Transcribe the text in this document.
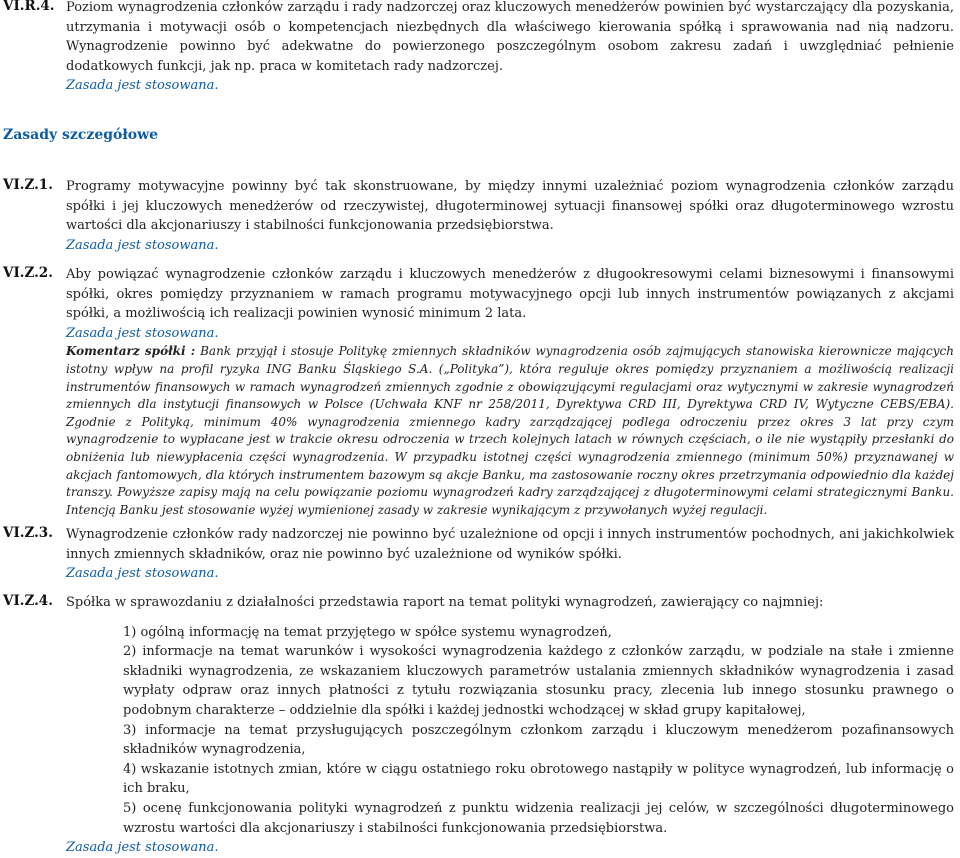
VI.R.4. Poziom wynagrodzenia członków zarządu i rady nadzorczej oraz kluczowych menedżerów powinien być wystarczający dla pozyskania, utrzymania i motywacji osób o kompetencjach niezbędnych dla właściwego kierowania spółką i sprawowania nad nią nadzoru. Wynagrodzenie powinno być adekwatne do powierzonego poszczególnym osobom zakresu zadań i uwzględniać pełnienie dodatkowych funkcji, jak np. praca w komitetach rady nadzorczej.
Zasada jest stosowana.
Zasady szczegółowe
VI.Z.1. Programy motywacyjne powinny być tak skonstruowane, by między innymi uzależniać poziom wynagrodzenia członków zarządu spółki i jej kluczowych menedżerów od rzeczywistej, długoterminowej sytuacji finansowej spółki oraz długoterminowego wzrostu wartości dla akcjonariuszy i stabilności funkcjonowania przedsiębiorstwa.
Zasada jest stosowana.
VI.Z.2. Aby powiązać wynagrodzenie członków zarządu i kluczowych menedżerów z długookresowymi celami biznesowymi i finansowymi spółki, okres pomiędzy przyznaniem w ramach programu motywacyjnego opcji lub innych instrumentów powiązanych z akcjami spółki, a możliwością ich realizacji powinien wynosić minimum 2 lata.
Zasada jest stosowana.
Komentarz spółki : Bank przyjął i stosuje Politykę zmiennych składników wynagrodzenia osób zajmujących stanowiska kierownicze mających istotny wpływ na profil ryzyka ING Banku Śląskiego S.A. („Polityka”), która reguluje okres pomiędzy przyznaniem a możliwością realizacji instrumentów finansowych w ramach wynagrodzeń zmiennych zgodnie z obowiązującymi regulacjami oraz wytycznymi w zakresie wynagrodzeń zmiennych dla instytucji finansowych w Polsce (Uchwała KNF nr 258/2011, Dyrektywa CRD III, Dyrektywa CRD IV, Wytyczne CEBS/EBA). Zgodnie z Polityką, minimum 40% wynagrodzenia zmiennego kadry zarządzającej podlega odroczeniu przez okres 3 lat przy czym wynagrodzenie to wypłacane jest w trakcie okresu odroczenia w trzech kolejnych latach w równych częściach, o ile nie wystąpiły przesłanki do obniżenia lub niewypłacenia części wynagrodzenia. W przypadku istotnej części wynagrodzenia zmiennego (minimum 50%) przyznawanej w akcjach fantomowych, dla których instrumentem bazowym są akcje Banku, ma zastosowanie roczny okres przetrzymania odpowiednio dla każdej transzy. Powyższe zapisy mają na celu powiązanie poziomu wynagrodzeń kadry zarządzającej z długoterminowymi celami strategicznymi Banku. Intencją Banku jest stosowanie wyżej wymienionej zasady w zakresie wynikającym z przywołanych wyżej regulacji.
VI.Z.3. Wynagrodzenie członków rady nadzorczej nie powinno być uzależnione od opcji i innych instrumentów pochodnych, ani jakichkolwiek innych zmiennych składników, oraz nie powinno być uzależnione od wyników spółki.
Zasada jest stosowana.
VI.Z.4. Spółka w sprawozdaniu z działalności przedstawia raport na temat polityki wynagrodzeń, zawierający co najmniej:
1) ogólną informację na temat przyjętego w spółce systemu wynagrodzeń,
2) informacje na temat warunków i wysokości wynagrodzenia każdego z członków zarządu, w podziale na stałe i zmienne składniki wynagrodzenia, ze wskazaniem kluczowych parametrów ustalania zmiennych składników wynagrodzenia i zasad wypłaty odpraw oraz innych płatności z tytułu rozwiązania stosunku pracy, zlecenia lub innego stosunku prawnego o podobnym charakterze – oddzielnie dla spółki i każdej jednostki wchodzącej w skład grupy kapitałowej,
3) informacje na temat przysługujących poszczególnym członkom zarządu i kluczowym menedżerom pozafinansowych składników wynagrodzenia,
4) wskazanie istotnych zmian, które w ciągu ostatniego roku obrotowego nastąpiły w polityce wynagrodzeń, lub informację o ich braku,
5) ocenę funkcjonowania polityki wynagrodzeń z punktu widzenia realizacji jej celów, w szczególności długoterminowego wzrostu wartości dla akcjonariuszy i stabilności funkcjonowania przedsiębiorstwa.
Zasada jest stosowana.
